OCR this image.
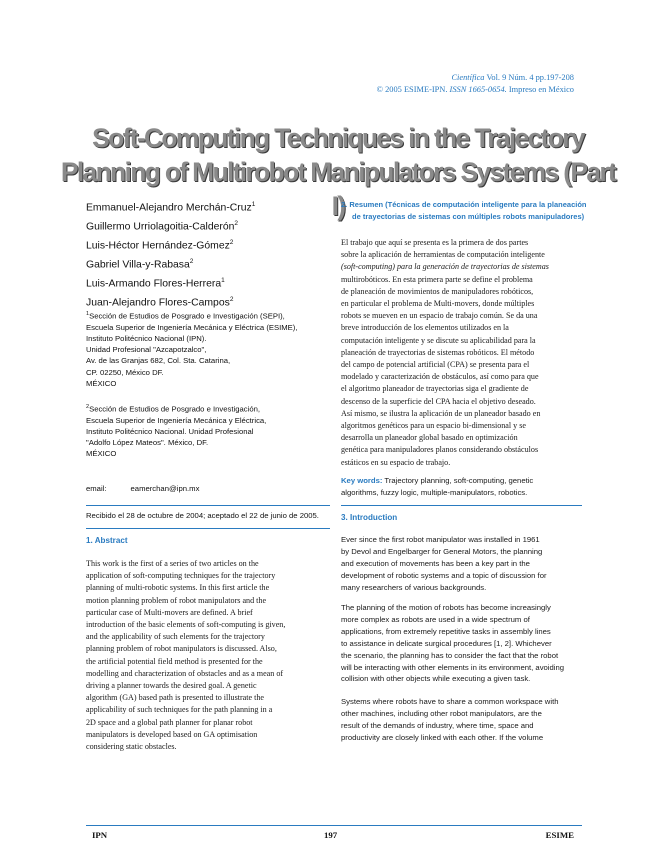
Científica Vol. 9 Núm. 4 pp.197-208
© 2005 ESIME-IPN. ISSN 1665-0654. Impreso en México
Soft-Computing Techniques in the Trajectory
Planning of Multirobot Manipulators Systems (Part I)
Emmanuel-Alejandro Merchán-Cruz$^1$
Guillermo Urriolagoitia-Calderón$^2$
Luis-Héctor Hernández-Gómez$^2$
Gabriel Villa-y-Rabasa$^2$
Luis-Armando Flores-Herrera$^1$
Juan-Alejandro Flores-Campos$^2$
$^1$Sección de Estudios de Posgrado e Investigación (SEPI),
Escuela Superior de Ingeniería Mecánica y Eléctrica (ESIME),
Instituto Politécnico Nacional (IPN).
Unidad Profesional "Azcapotzalco",
Av. de las Granjas 682, Col. Sta. Catarina,
CP. 02250, México DF.
MÉXICO
$^2$Sección de Estudios de Posgrado e Investigación,
Escuela Superior de Ingeniería Mecánica y Eléctrica,
Instituto Politécnico Nacional. Unidad Profesional
"Adolfo López Mateos". México, DF.
MÉXICO
email:	eamerchan@ipn.mx
Recibido el 28 de octubre de 2004; aceptado el 22 de junio de 2005.
1. Abstract
This work is the first of a series of two articles on the
application of soft-computing techniques for the trajectory
planning of multi-robotic systems. In this first article the
motion planning problem of robot manipulators and the
particular case of Multi-movers are defined. A brief
introduction of the basic elements of soft-computing is given,
and the applicability of such elements for the trajectory
planning problem of robot manipulators is discussed. Also,
the artificial potential field method is presented for the
modelling and characterization of obstacles and as a mean of
driving a planner towards the desired goal. A genetic
algorithm (GA) based path is presented to illustrate the
applicability of such techniques for the path planning in a
2D space and a global path planner for planar robot
manipulators is developed based on GA optimisation
considering static obstacles.
2. Resumen (Técnicas de computación inteligente para la planeación
de trayectorias de sistemas con múltiples robots manipuladores)
El trabajo que aquí se presenta es la primera de dos partes
sobre la aplicación de herramientas de computación inteligente
(soft-computing) para la generación de trayectorias de sistemas
multirobóticos. En esta primera parte se define el problema
de planeación de movimientos de manipuladores robóticos,
en particular el problema de Multi-movers, donde múltiples
robots se mueven en un espacio de trabajo común. Se da una
breve introducción de los elementos utilizados en la
computación inteligente y se discute su aplicabilidad para la
planeación de trayectorias de sistemas robóticos. El método
del campo de potencial artificial (CPA) se presenta para el
modelado y caracterización de obstáculos, así como para que
el algoritmo planeador de trayectorias siga el gradiente de
descenso de la superficie del CPA hacia el objetivo deseado.
Así mismo, se ilustra la aplicación de un planeador basado en
algoritmos genéticos para un espacio bi-dimensional y se
desarrolla un planeador global basado en optimización
genética para manipuladores planos considerando obstáculos
estáticos en su espacio de trabajo.
Key words: Trajectory planning, soft-computing, genetic
algorithms, fuzzy logic, multiple-manipulators, robotics.
3. Introduction
Ever since the first robot manipulator was installed in 1961
by Devol and Engelbarger for General Motors, the planning
and execution of movements has been a key part in the
development of robotic systems and a topic of discussion for
many researchers of various backgrounds.
The planning of the motion of robots has become increasingly
more complex as robots are used in a wide spectrum of
applications, from extremely repetitive tasks in assembly lines
to assistance in delicate surgical procedures [1, 2]. Whichever
the scenario, the planning has to consider the fact that the robot
will be interacting with other elements in its environment, avoiding
collision with other objects while executing a given task.
Systems where robots have to share a common workspace with
other machines, including other robot manipulators, are the
result of the demands of industry, where time, space and
productivity are closely linked with each other. If the volume
IPN	197	ESIME
